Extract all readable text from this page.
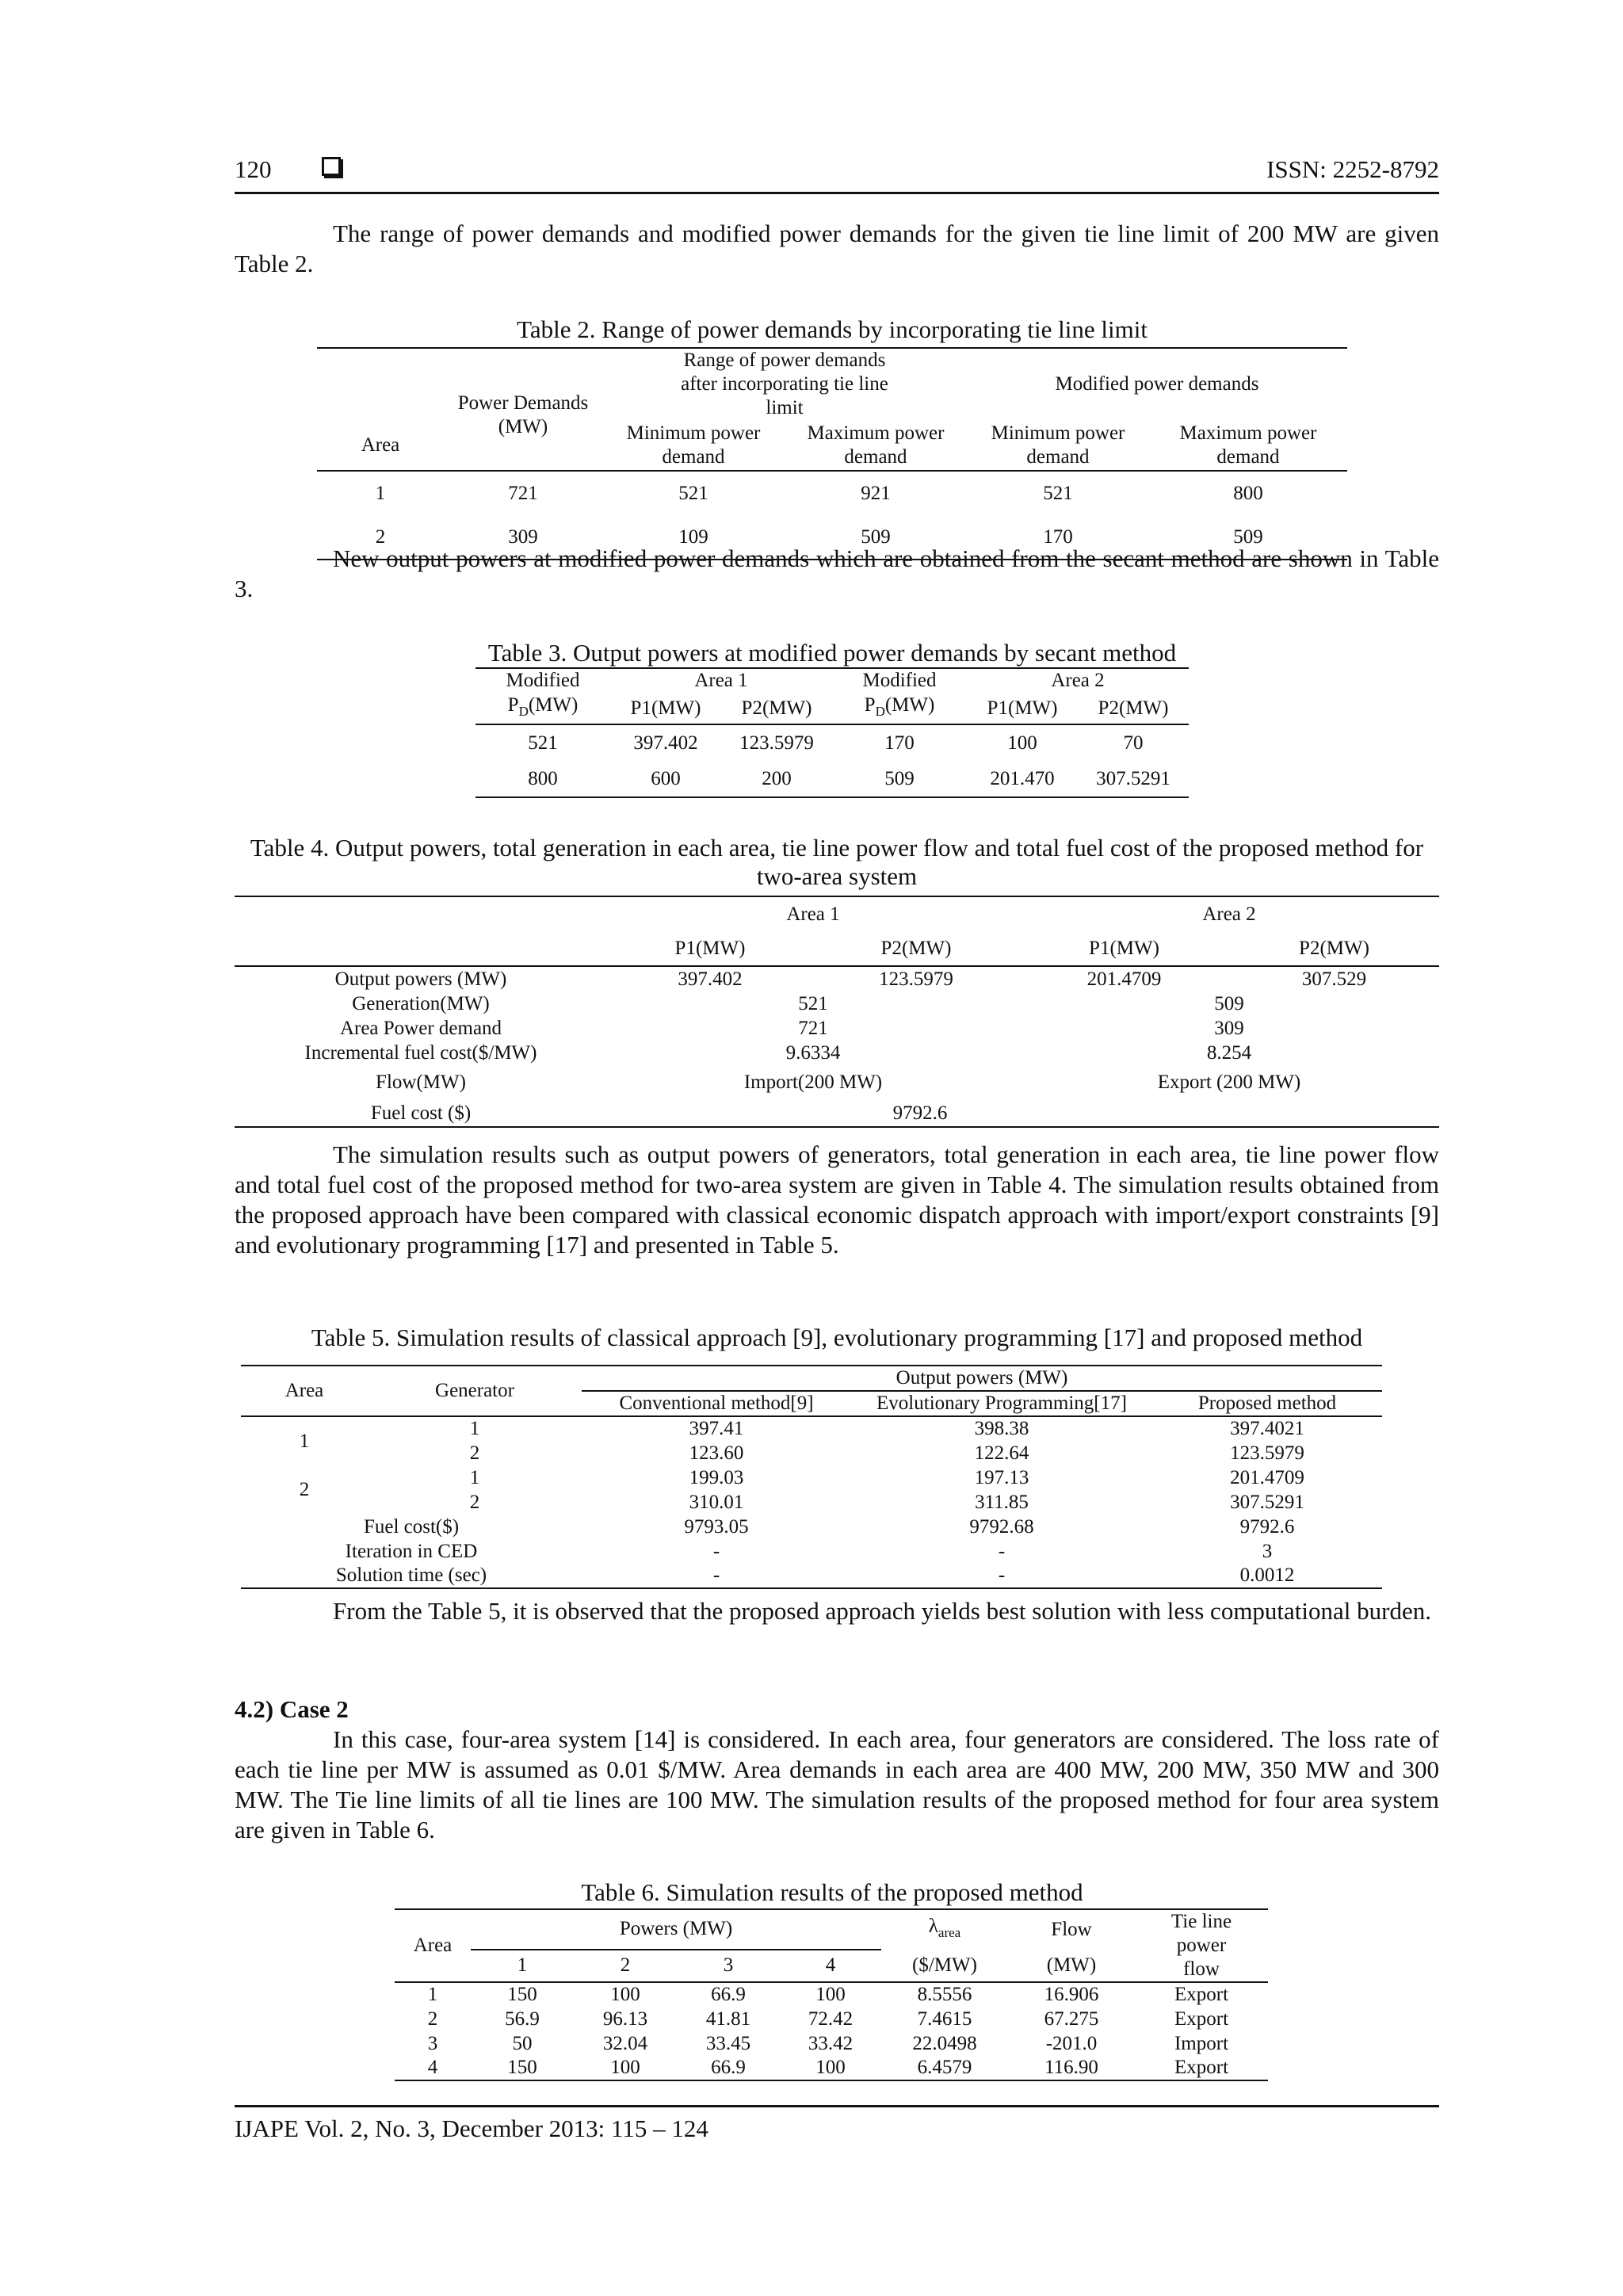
120	ISSN: 2252-8792
The range of power demands and modified power demands for the given tie line limit of 200 MW are given Table 2.
Table 2. Range of power demands by incorporating tie line limit
Area	Power Demands (MW)	Range of power demands after incorporating tie line limit		Modified power demands	
		Minimum power demand	Maximum power demand	Minimum power demand	Maximum power demand
1	721	521	921	521	800
2	309	109	509	170	509
New output powers at modified power demands which are obtained from the secant method are shown in Table 3.
Table 3. Output powers at modified power demands by secant method
Modified	Area 1		Modified	Area 2	
$P_D(MW)$	P1(MW)	P2(MW)	$P_D(MW)$	P1(MW)	P2(MW)
521	397.402	123.5979	170	100	70
800	600	200	509	201.470	307.5291
Table 4. Output powers, total generation in each area, tie line power flow and total fuel cost of the proposed method for two-area system
	Area 1		Area 2	
	P1(MW)	P2(MW)	P1(MW)	P2(MW)
Output powers (MW)	397.402	123.5979	201.4709	307.529
Generation(MW)	521		509	
Area Power demand	721		309	
Incremental fuel cost($/MW)	9.6334		8.254	
Flow(MW)	Import(200 MW)		Export (200 MW)	
Fuel cost ($)	9792.6			
The simulation results such as output powers of generators, total generation in each area, tie line power flow and total fuel cost of the proposed method for two-area system are given in Table 4. The simulation results obtained from the proposed approach have been compared with classical economic dispatch approach with import/export constraints [9] and evolutionary programming [17] and presented in Table 5.
Table 5. Simulation results of classical approach [9], evolutionary programming [17] and proposed method
Area	Generator	Output powers (MW)		
		Conventional method[9]	Evolutionary Programming[17]	Proposed method
1	1	397.41	398.38	397.4021
	2	123.60	122.64	123.5979
2	1	199.03	197.13	201.4709
	2	310.01	311.85	307.5291
Fuel cost($)		9793.05	9792.68	9792.6
Iteration in CED		-	-	3
Solution time (sec)		-	-	0.0012
From the Table 5, it is observed that the proposed approach yields best solution with less computational burden.
4.2) Case 2
In this case, four-area system [14] is considered. In each area, four generators are considered. The loss rate of each tie line per MW is assumed as 0.01 $/MW. Area demands in each area are 400 MW, 200 MW, 350 MW and 300 MW. The Tie line limits of all tie lines are 100 MW. The simulation results of the proposed method for four area system are given in Table 6.
Table 6. Simulation results of the proposed method
Area	Powers (MW)				$\lambda_{area}$	Flow	Tie line power flow
	1	2	3	4	($/MW)	(MW)	
1	150	100	66.9	100	8.5556	16.906	Export
2	56.9	96.13	41.81	72.42	7.4615	67.275	Export
3	50	32.04	33.45	33.42	22.0498	-201.0	Import
4	150	100	66.9	100	6.4579	116.90	Export
IJAPE Vol. 2, No. 3, December 2013: 115 – 124
